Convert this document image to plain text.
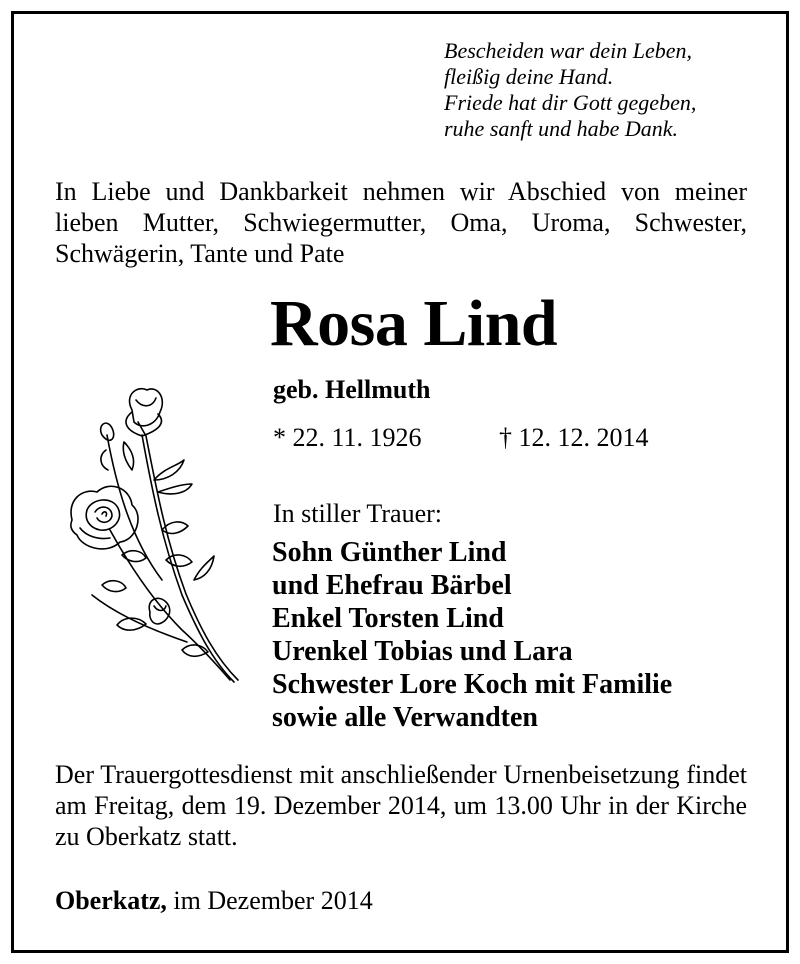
Bescheiden war dein Leben,
fleißig deine Hand.
Friede hat dir Gott gegeben,
ruhe sanft und habe Dank.
In Liebe und Dankbarkeit nehmen wir Abschied von meiner lieben Mutter, Schwiegermutter, Oma, Uroma, Schwester, Schwägerin, Tante und Pate
Rosa Lind
geb. Hellmuth
* 22. 11. 1926	† 12. 12. 2014
In stiller Trauer:
Sohn Günther Lind
und Ehefrau Bärbel
Enkel Torsten Lind
Urenkel Tobias und Lara
Schwester Lore Koch mit Familie
sowie alle Verwandten
Der Trauergottesdienst mit anschließender Urnenbeisetzung findet am Freitag, dem 19. Dezember 2014, um 13.00 Uhr in der Kirche zu Oberkatz statt.
Oberkatz, im Dezember 2014
